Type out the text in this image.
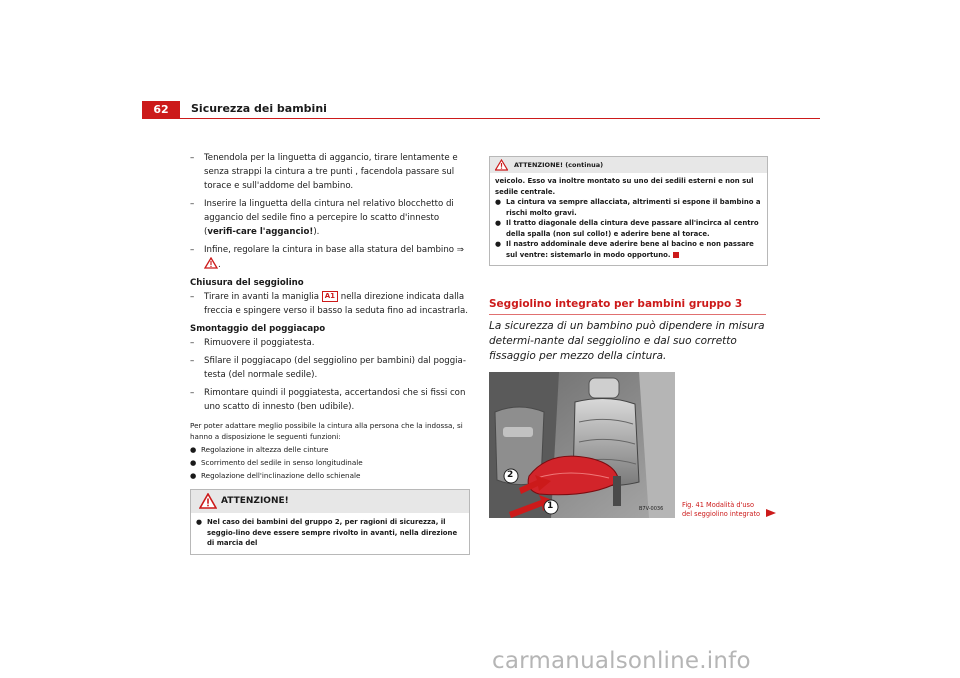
62	Sicurezza dei bambini
– Tenendola per la linguetta di aggancio, tirare lentamente e senza strappi la cintura a tre punti , facendola passare sul torace e sull'addome del bambino.
– Inserire la linguetta della cintura nel relativo blocchetto di aggancio del sedile fino a percepire lo scatto d'innesto (verifi-care l'aggancio!).
– Infine, regolare la cintura in base alla statura del bambino ⇒ .
Chiusura del seggiolino
– Tirare in avanti la maniglia A1 nella direzione indicata dalla freccia e spingere verso il basso la seduta fino ad incastrarla.
Smontaggio del poggiacapo
– Rimuovere il poggiatesta.
– Sfilare il poggiacapo (del seggiolino per bambini) dal poggia-testa (del normale sedile).
– Rimontare quindi il poggiatesta, accertandosi che si fissi con uno scatto di innesto (ben udibile).
Per poter adattare meglio possibile la cintura alla persona che la indossa, si hanno a disposizione le seguenti funzioni:
● Regolazione in altezza delle cinture
● Scorrimento del sedile in senso longitudinale
● Regolazione dell'inclinazione dello schienale
ATTENZIONE!
● Nel caso dei bambini del gruppo 2, per ragioni di sicurezza, il seggio-lino deve essere sempre rivolto in avanti, nella direzione di marcia del
ATTENZIONE! (continua)
veicolo. Esso va inoltre montato su uno dei sedili esterni e non sul sedile centrale.
● La cintura va sempre allacciata, altrimenti si espone il bambino a rischi molto gravi.
● Il tratto diagonale della cintura deve passare all'incirca al centro della spalla (non sul collo!) e aderire bene al torace.
● Il nastro addominale deve aderire bene al bacino e non passare sul ventre: sistemarlo in modo opportuno.
Seggiolino integrato per bambini gruppo 3
La sicurezza di un bambino può dipendere in misura determi-nante dal seggiolino e dal suo corretto fissaggio per mezzo della cintura.
1
2
B7V-0036	Fig. 41 Modalità d'uso del seggiolino integrato
carmanualsonline.info
